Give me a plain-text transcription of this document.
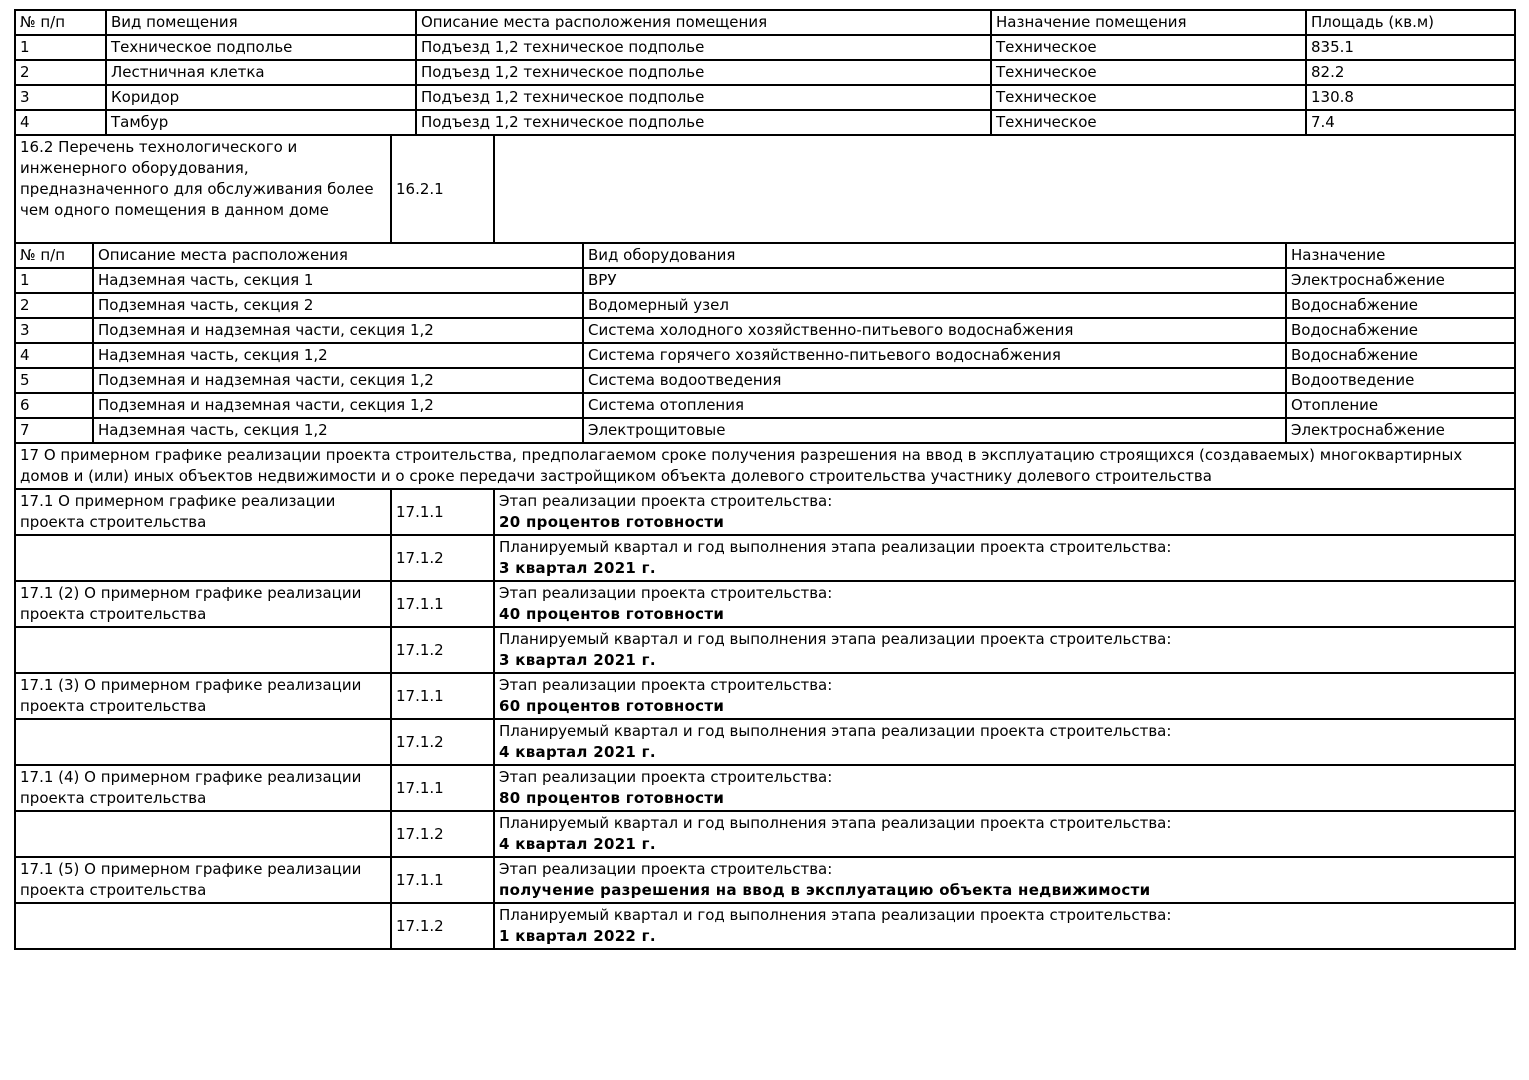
№ п/п	Вид помещения	Описание места расположения помещения	Назначение помещения	Площадь (кв.м)
1	Техническое подполье	Подъезд 1,2 техническое подполье	Техническое	835.1
2	Лестничная клетка	Подъезд 1,2 техническое подполье	Техническое	82.2
3	Коридор	Подъезд 1,2 техническое подполье	Техническое	130.8
4	Тамбур	Подъезд 1,2 техническое подполье	Техническое	7.4
16.2 Перечень технологического и инженерного оборудования, предназначенного для обслуживания более чем одного помещения в данном доме	16.2.1	
№ п/п	Описание места расположения	Вид оборудования	Назначение
1	Надземная часть, секция 1	ВРУ	Электроснабжение
2	Подземная часть, секция 2	Водомерный узел	Водоснабжение
3	Подземная и надземная части, секция 1,2	Система холодного хозяйственно-питьевого водоснабжения	Водоснабжение
4	Надземная часть, секция 1,2	Система горячего хозяйственно-питьевого водоснабжения	Водоснабжение
5	Подземная и надземная части, секция 1,2	Система водоотведения	Водоотведение
6	Подземная и надземная части, секция 1,2	Система отопления	Отопление
7	Надземная часть, секция 1,2	Электрощитовые	Электроснабжение
17 О примерном графике реализации проекта строительства, предполагаемом сроке получения разрешения на ввод в эксплуатацию строящихся (создаваемых) многоквартирных домов и (или) иных объектов недвижимости и о сроке передачи застройщиком объекта долевого строительства участнику долевого строительства
17.1 О примерном графике реализации проекта строительства	17.1.1	Этап реализации проекта строительства:
20 процентов готовности

	17.1.2	Планируемый квартал и год выполнения этапа реализации проекта строительства:
3 квартал 2021 г.

17.1 (2) О примерном графике реализации проекта строительства	17.1.1	Этап реализации проекта строительства:
40 процентов готовности

	17.1.2	Планируемый квартал и год выполнения этапа реализации проекта строительства:
3 квартал 2021 г.

17.1 (3) О примерном графике реализации проекта строительства	17.1.1	Этап реализации проекта строительства:
60 процентов готовности

	17.1.2	Планируемый квартал и год выполнения этапа реализации проекта строительства:
4 квартал 2021 г.

17.1 (4) О примерном графике реализации проекта строительства	17.1.1	Этап реализации проекта строительства:
80 процентов готовности

	17.1.2	Планируемый квартал и год выполнения этапа реализации проекта строительства:
4 квартал 2021 г.

17.1 (5) О примерном графике реализации проекта строительства	17.1.1	Этап реализации проекта строительства:
получение разрешения на ввод в эксплуатацию объекта недвижимости

	17.1.2	Планируемый квартал и год выполнения этапа реализации проекта строительства:
1 квартал 2022 г.
